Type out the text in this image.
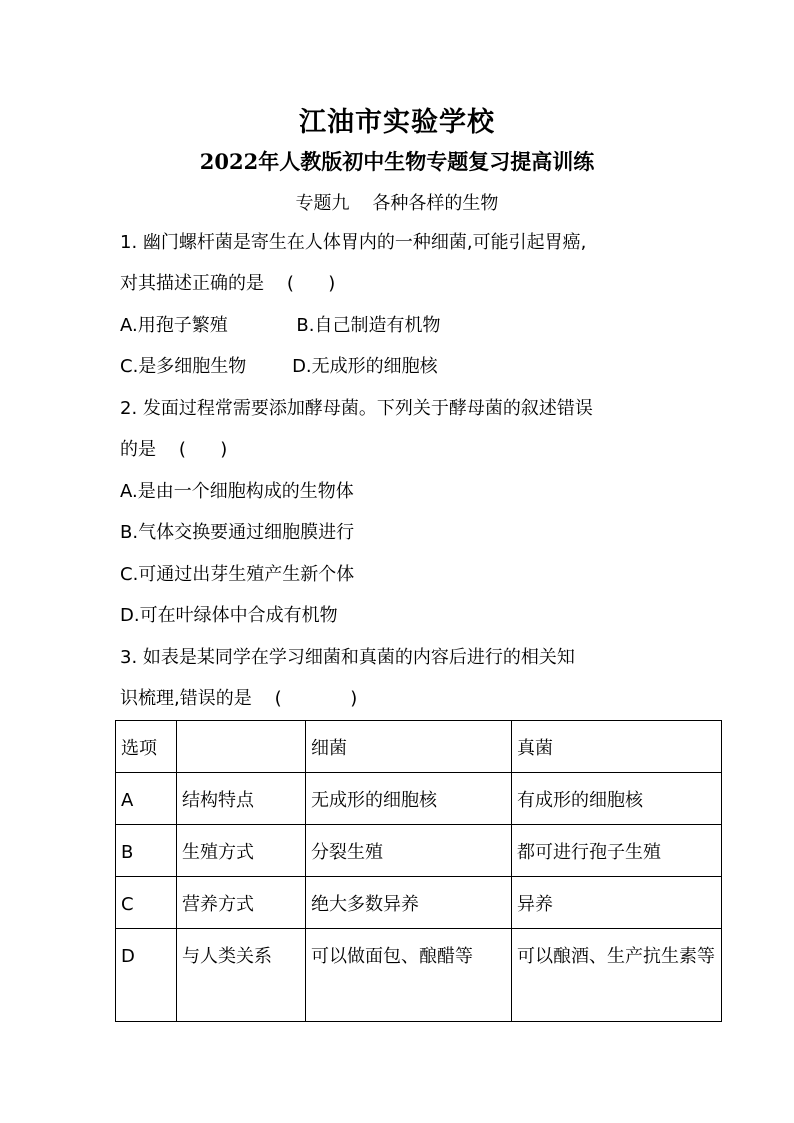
江油市实验学校
2022年人教版初中生物专题复习提高训练
专题九    各种各样的生物
1. 幽门螺杆菌是寄生在人体胃内的一种细菌,可能引起胃癌,
对其描述正确的是    (      )
A.用孢子繁殖            B.自己制造有机物
C.是多细胞生物        D.无成形的细胞核
2. 发面过程常需要添加酵母菌。下列关于酵母菌的叙述错误
的是    (      )
A.是由一个细胞构成的生物体
B.气体交换要通过细胞膜进行
C.可通过出芽生殖产生新个体
D.可在叶绿体中合成有机物
3. 如表是某同学在学习细菌和真菌的内容后进行的相关知
识梳理,错误的是    (            )
选项		细菌	真菌
A	结构特点	无成形的细胞核	有成形的细胞核
B	生殖方式	分裂生殖	都可进行孢子生殖
C	营养方式	绝大多数异养	异养
D	与人类关系	可以做面包、酿醋等	可以酿酒、生产抗生素等
